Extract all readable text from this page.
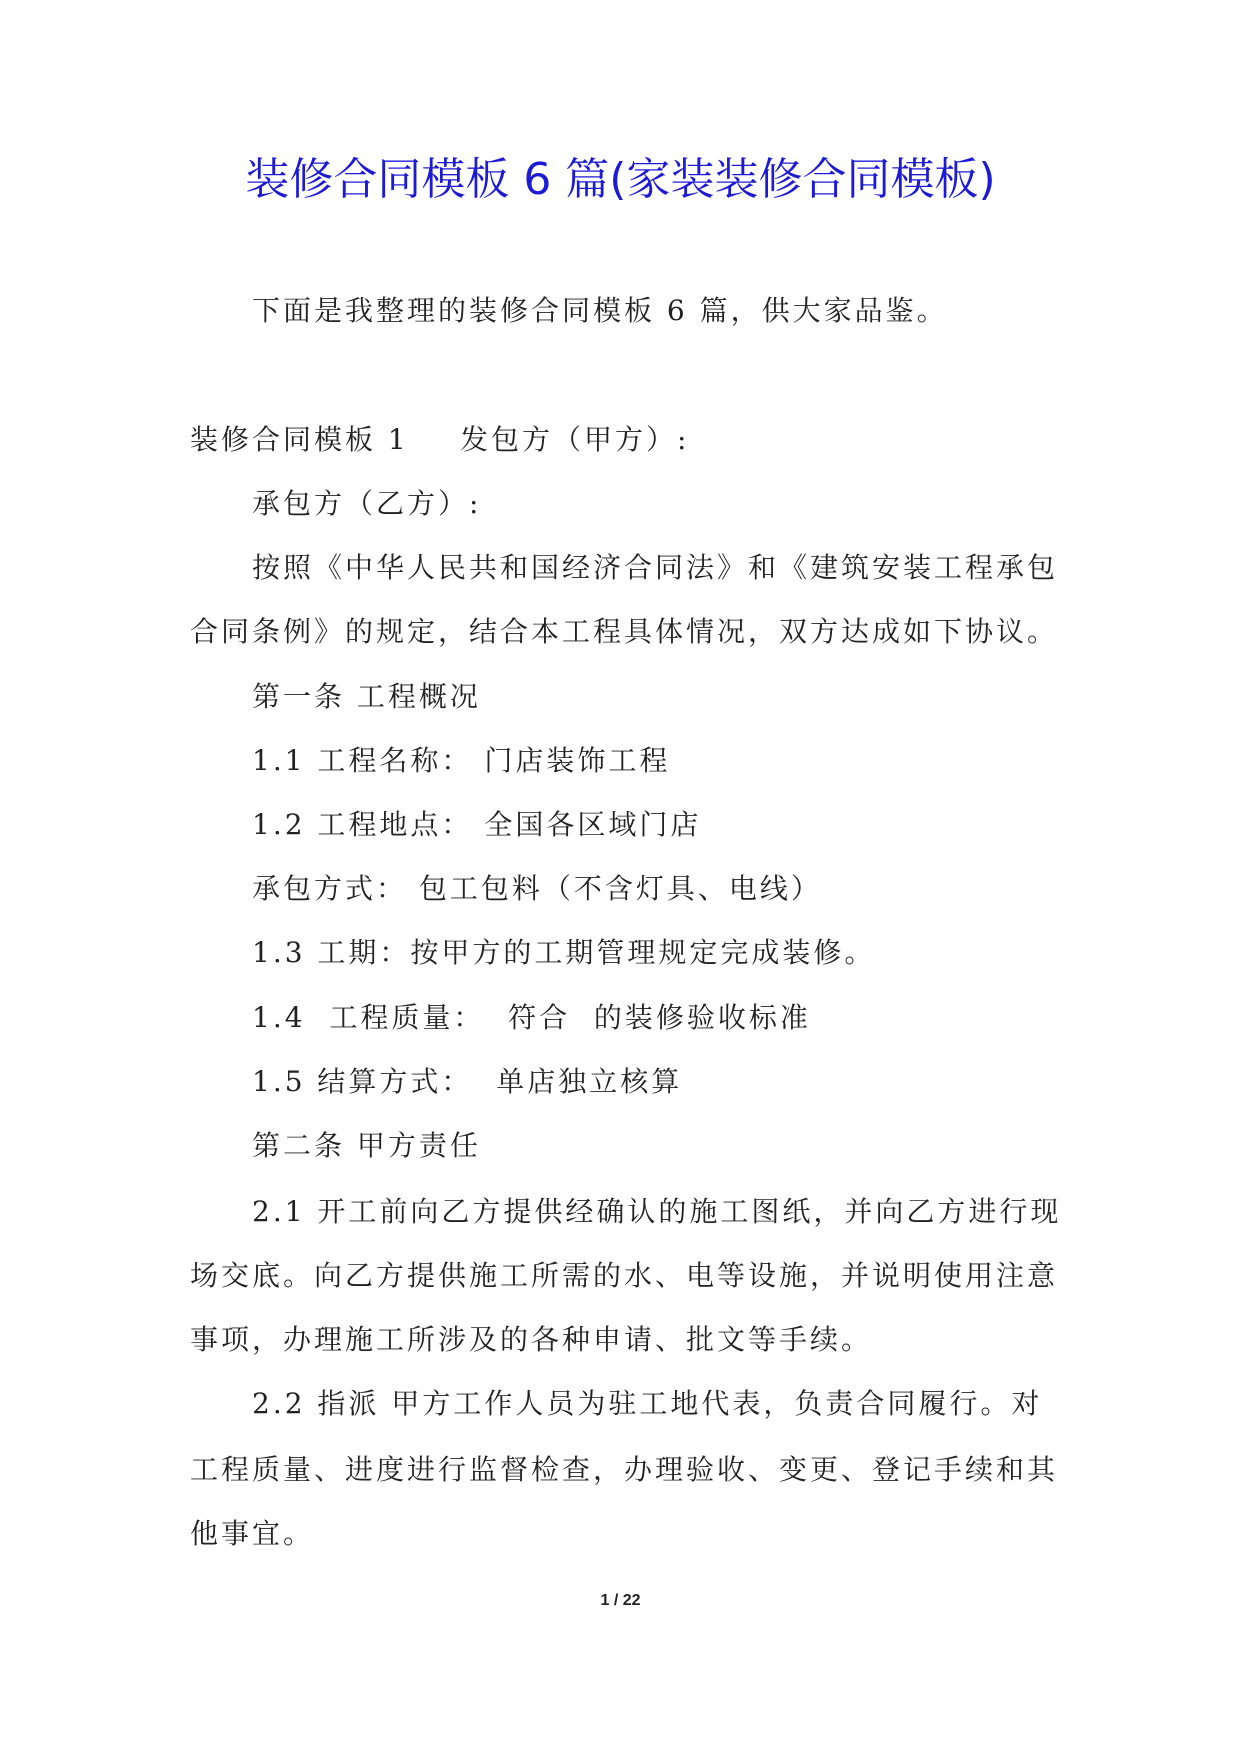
装修合同模板 6 篇(家装装修合同模板)
下面是我整理的装修合同模板 6 篇，供大家品鉴。
装修合同模板 1 发包方（甲方）:
承包方（乙方）:
按照《中华人民共和国经济合同法》和《建筑安装工程承包
合同条例》的规定，结合本工程具体情况，双方达成如下协议。
第一条 工程概况
1.1 工程名称： 门店装饰工程
1.2 工程地点： 全国各区域门店
承包方式： 包工包料（不含灯具、电线）
1.3 工期：按甲方的工期管理规定完成装修。
1.4  工程质量：  符合  的装修验收标准
1.5 结算方式：  单店独立核算
第二条 甲方责任
2.1 开工前向乙方提供经确认的施工图纸，并向乙方进行现
场交底。向乙方提供施工所需的水、电等设施，并说明使用注意
事项，办理施工所涉及的各种申请、批文等手续。
2.2 指派 甲方工作人员为驻工地代表，负责合同履行。对
工程质量、进度进行监督检查，办理验收、变更、登记手续和其
他事宜。
1 / 22
